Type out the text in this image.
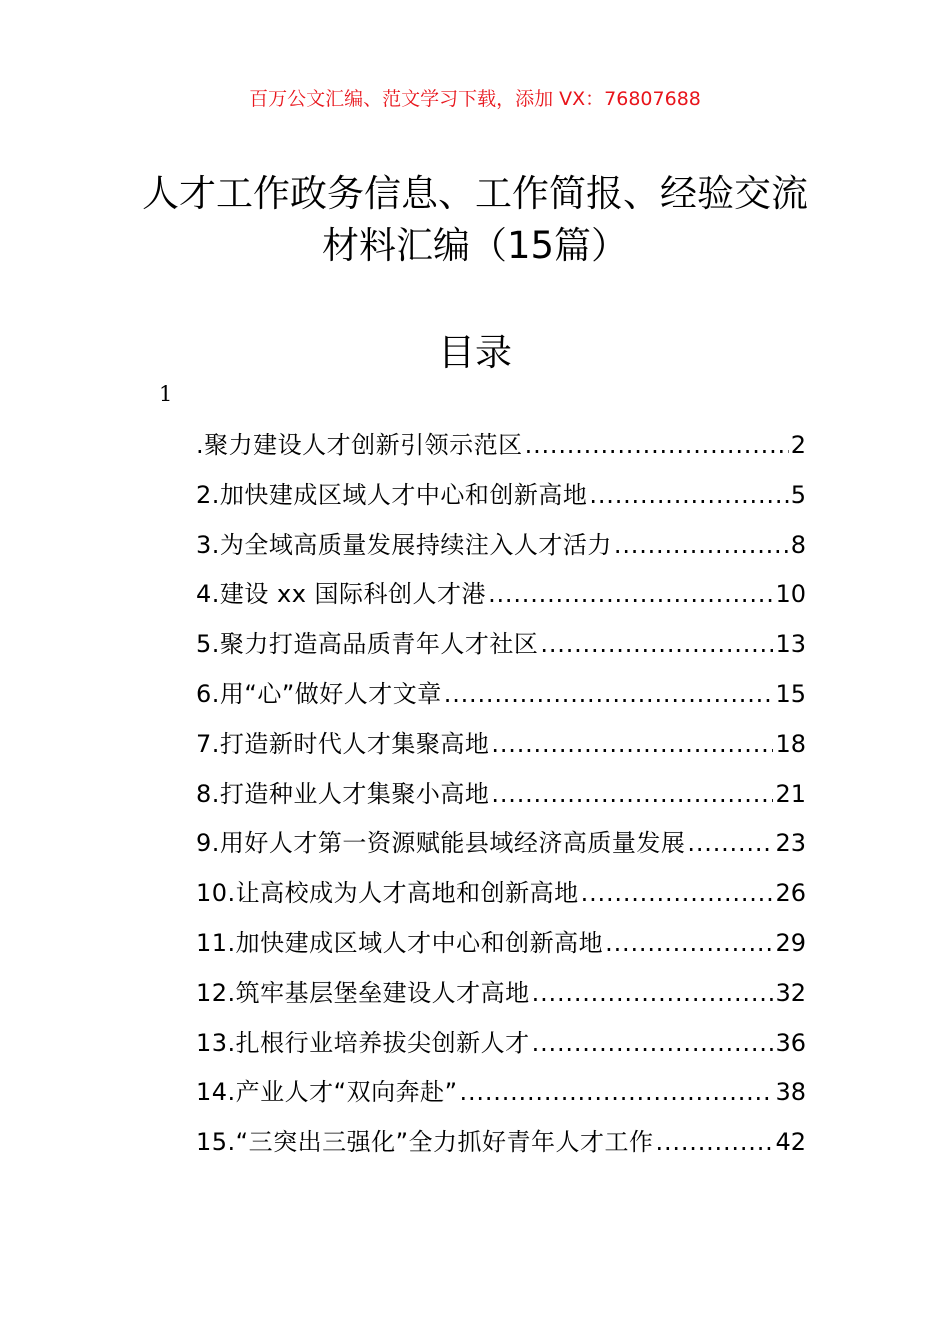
百万公文汇编、范文学习下载，添加 VX：76807688
人才工作政务信息、工作简报、经验交流
材料汇编（15篇）
目录
1
.聚力建设人才创新引领示范区 .....	2
2.加快建成区域人才中心和创新高地 .....	5
3.为全域高质量发展持续注入人才活力 .....	8
4.建设 xx 国际科创人才港 .....	10
5.聚力打造高品质青年人才社区 .....	13
6.用“心”做好人才文章 .....	15
7.打造新时代人才集聚高地 .....	18
8.打造种业人才集聚小高地 .....	21
9.用好人才第一资源赋能县域经济高质量发展 .....	23
10.让高校成为人才高地和创新高地 .....	26
11.加快建成区域人才中心和创新高地 .....	29
12.筑牢基层堡垒建设人才高地 .....	32
13.扎根行业培养拔尖创新人才 .....	36
14.产业人才“双向奔赴” .....	38
15.“三突出三强化”全力抓好青年人才工作 .....	42
